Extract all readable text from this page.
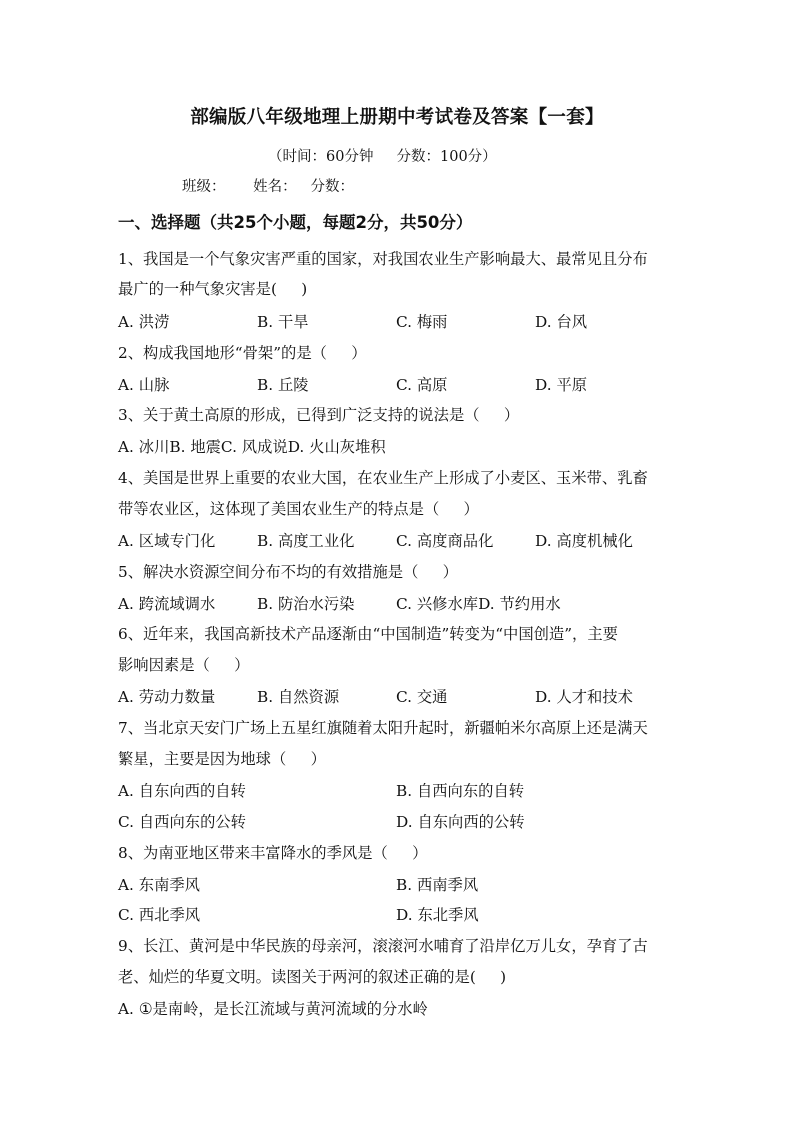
部编版八年级地理上册期中考试卷及答案【一套】
（时间：60分钟     分数：100分）
班级：      姓名：   分数：
一、选择题（共25个小题，每题2分，共50分）
1、我国是一个气象灾害严重的国家，对我国农业生产影响最大、最常见且分布
最广的一种气象灾害是(     )
A. 洪涝	B. 干旱	C. 梅雨	D. 台风
2、构成我国地形“骨架”的是（     ）
A. 山脉	B. 丘陵	C. 高原	D. 平原
3、关于黄土高原的形成，已得到广泛支持的说法是（     ）
A. 冰川B. 地震C. 风成说D. 火山灰堆积
4、美国是世界上重要的农业大国，在农业生产上形成了小麦区、玉米带、乳畜
带等农业区，这体现了美国农业生产的特点是（     ）
A. 区域专门化	B. 高度工业化	C. 高度商品化	D. 高度机械化
5、解决水资源空间分布不均的有效措施是（     ）
A. 跨流域调水	B. 防治水污染	C. 兴修水库D. 节约用水
6、近年来，我国高新技术产品逐渐由“中国制造”转变为“中国创造”，主要
影响因素是（     ）
A. 劳动力数量	B. 自然资源	C. 交通	D. 人才和技术
7、当北京天安门广场上五星红旗随着太阳升起时，新疆帕米尔高原上还是满天
繁星，主要是因为地球（     ）
A. 自东向西的自转	B. 自西向东的自转
C. 自西向东的公转	D. 自东向西的公转
8、为南亚地区带来丰富降水的季风是（     ）
A. 东南季风	B. 西南季风
C. 西北季风	D. 东北季风
9、长江、黄河是中华民族的母亲河，滚滚河水哺育了沿岸亿万儿女，孕育了古
老、灿烂的华夏文明。读图关于两河的叙述正确的是(     )
A. ①是南岭，是长江流域与黄河流域的分水岭
